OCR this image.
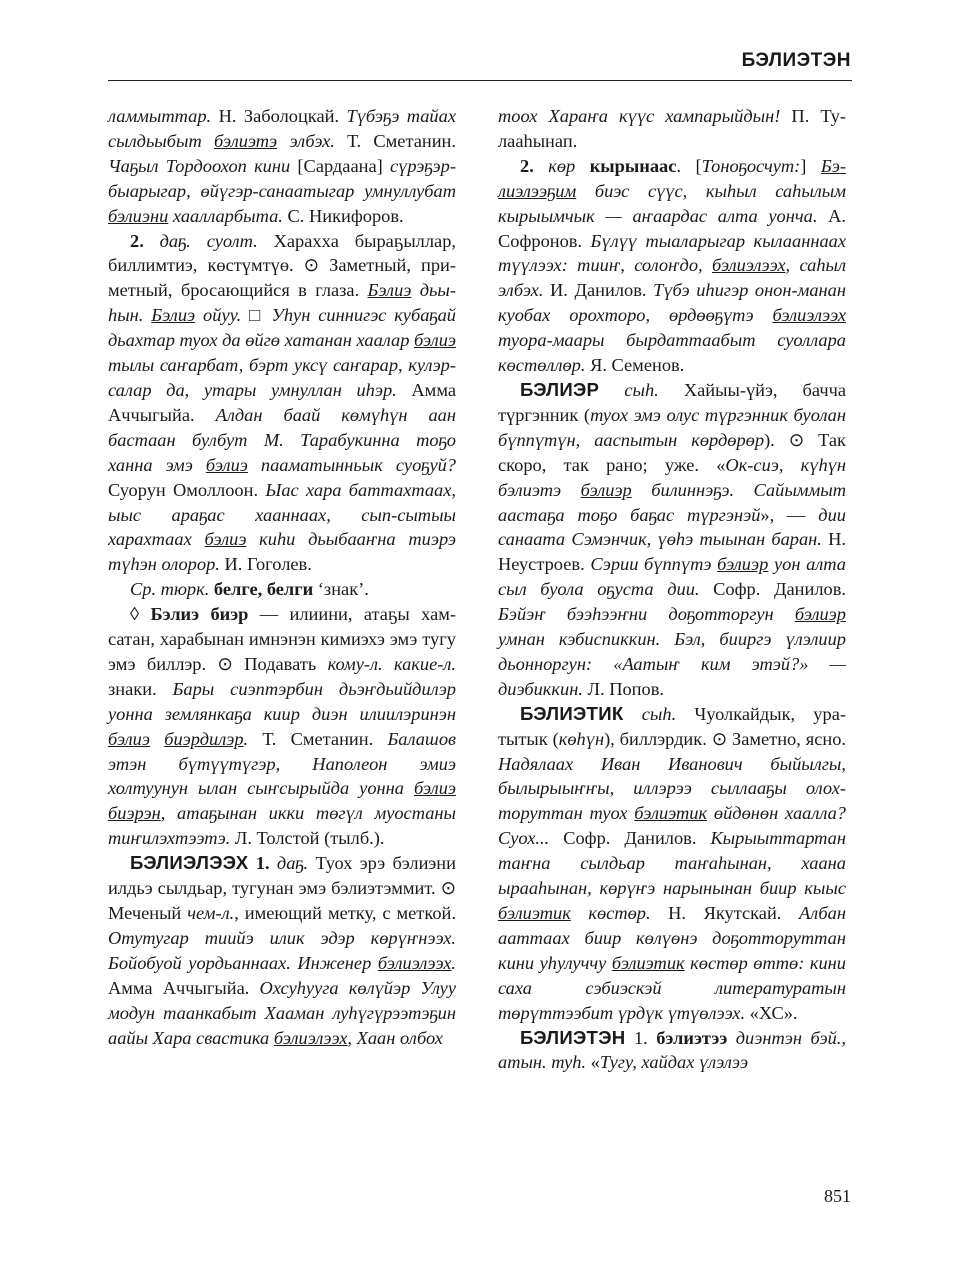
БЭЛИЭТЭН

ламмыттар. Н. Заболоцкай. Түбэҕэ тайах сылдьыбыт бэлиэтэ элбэх. Т. Сметанин. Чаҕыл Тордоохоп кини [Сардаана] сүрэҕэр-быарыгар, өйүгэр-санаатыгар умнуллубат бэлиэни хаалларбыта. С. Никифоров.

2. даҕ. суолт. Хараххa быраҕыллар, биллимтиэ, көстүмтүө. ⊙ Заметный, приметный, бросающийся в глаза. Бэлиэ дьыһын. Бэлиэ ойуу. □ Уһун синнигэс кубаҕай дьахтар туох да өйгө хатанан хаалар бэлиэ тылы саҥарбат, бэрт уксү саҥарар, кулэр-салар да, утары умнуллан иһэр. Амма Аччыгыйа. Алдан баай көмүһүн аан бастаан булбут М. Тарабукинна тоҕо ханна эмэ бэлиэ пааматынньык суоҕуй? Суорун Омоллоон. Ыас хара баттахтаах, ыыс араҕас хааннаах, сып-сытыы харахтаах бэлиэ киһи дьыбааҥна тиэрэ түһэн олорор. И. Гоголев.

Ср. тюрк. белге, белги ‘знак’.

◊ Бэлиэ биэр — илиини, атаҕы хамсатан, харабынан имнэнэн кимиэхэ эмэ тугу эмэ биллэр. ⊙ Подавать кому-л. какие-л. знаки. Бары сиэптэрбин дьэҥдьийдилэр уонна землянкаҕа киир диэн илиилэринэн бэлиэ биэрдилэр. Т. Сметанин. Балашов этэн бүтүүтүгэр, Наполеон эмиэ холтуунун ылан сыҥсырыйда уонна бэлиэ биэрэн, атаҕынан икки төгүл муостаны тиҥилэхтээтэ. Л. Толстой (тылб.).

БЭЛИЭЛЭЭХ 1. даҕ. Туох эрэ бэлиэни илдьэ сылдьар, тугунан эмэ бэлиэтэммит. ⊙ Меченый чем-л., имеющий метку, с меткой. Отутугар тиийэ илик эдэр көрүҥнээх. Бойобуой уордьаннаах. Инженер бэлиэлээх. Амма Аччыгыйа. Охсуһууга көлүйэр Улуу модун таанкабыт Хааман луһүгүрээтэҕин аайы Хара свастика бэлиэлээх, Хаан олбох

тоох Хараҥа күүс хампарыйдын! П. Тулааһынап.

2. көр кырынаас. [Тоноҕосчут:] Бэлиэлээҕим биэс сүүс, кыһыл саһылым кырыымчык — аҥаардас алта уонча. А. Софронов. Бүлүү тыаларыгар кылааннаах түүлээх: тииҥ, солоҥдо, бэлиэлээх, саһыл элбэх. И. Данилов. Түбэ иһигэр онон-манан куобах орохторо, өрдөөҕүтэ бэлиэлээх туора-маары бырдаттаабыт суоллара көстөллөр. Я. Семенов.

БЭЛИЭР сыһ. Хайыы-үйэ, баччa түргэнник (туох эмэ олус түргэнник буолан бүппүтүн, аaспытын көрдөрөр). ⊙ Так скоро, так рано; уже. «Ок-сиэ, күһүн бэлиэтэ бэлиэр билиннэҕэ. Сайыммыт аастаҕа тоҕо баҕас түргэнэй», — дии санаата Сэмэнчик, үөһэ тыынан баран. Н. Неустроев. Сэрии бүппүтэ бэлиэр уон алта сыл буола оҕуста дии. Софр. Данилов. Бэйэҥ бээһээҥни доҕотторгун бэлиэр умнан кэбиспиккин. Бэл, бииргэ үлэлиир дьонноргун: «Аатыҥ ким этэй?» — диэбиккин. Л. Попов.

БЭЛИЭТИК сыһ. Чуолкайдык, уратытык (көһүн), биллэрдик. ⊙ Заметно, ясно. Надялаах Иван Иванович быйылгы, былырыыҥҥы, иллэрээ сыллааҕы олохторуттан туох бэлиэтик өйдөнөн хаалла? Суох... Софр. Данилов. Кырыыттартан таҥна сылдьар таҥаһынан, хаана ыраaһынан, көрүҥэ нарынынан биир кыыс бэлиэтик көстөр. Н. Якутскай. Албан ааттаах биир көлүөнэ доҕотторуттан кини уһулуччу бэлиэтик көстөр өттө: кини саха сэбиэскэй литературатын төрүттээбит үрдүк үтүөлээх. «ХС».

БЭЛИЭТЭН 1. бэлиэтээ диэнтэн бэй., атын. туһ. «Тугу, хайдах үлэлээ

851
